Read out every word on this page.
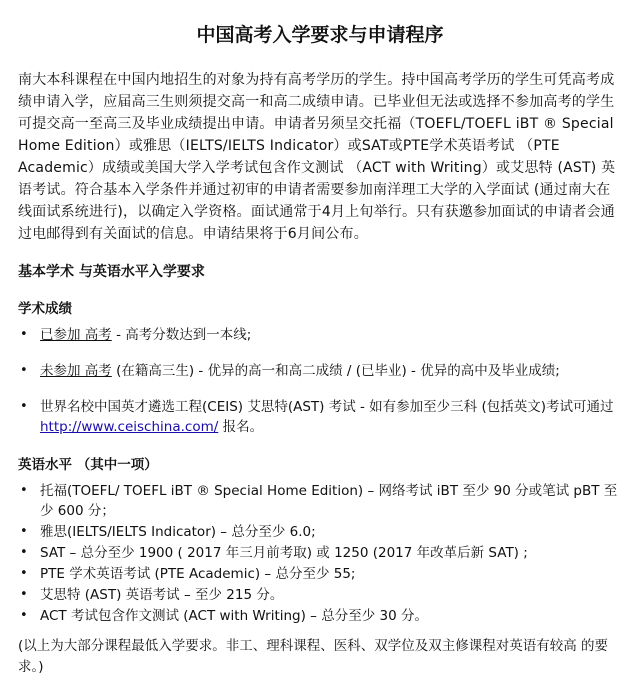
中国高考入学要求与申请程序

南大本科课程在中国内地招生的对象为持有高考学历的学生。持中国高考学历的学生可凭高考成绩申请入学，应届高三生则须提交高一和高二成绩申请。已毕业但无法或选择不参加高考的学生可提交高一至高三及毕业成绩提出申请。申请者另须呈交托福（TOEFL/TOEFL iBT ® Special Home Edition）或雅思（IELTS/IELTS Indicator）或SAT或PTE学术英语考试 （PTE Academic）成绩或美国大学入学考试包含作文测试 （ACT with Writing）或艾思特 (AST) 英语考试。符合基本入学条件并通过初审的申请者需要参加南洋理工大学的入学面试 (通过南大在线面试系统进行)，以确定入学资格。面试通常于4月上旬举行。只有获邀参加面试的申请者会通过电邮得到有关面试的信息。申请结果将于6月间公布。

基本学术 与英语水平入学要求
学术成绩
• 已参加 高考 - 高考分数达到一本线;
• 未参加 高考 (在籍高三生) - 优异的高一和高二成绩 / (已毕业) - 优异的高中及毕业成绩;
• 世界名校中国英才遴选工程(CEIS) 艾思特(AST) 考试 - 如有参加至少三科 (包括英文)考试可通过 http://www.ceischina.com/ 报名。
英语水平 （其中一项）
• 托福(TOEFL/ TOEFL iBT ® Special Home Edition) – 网络考试 iBT 至少 90 分或笔试 pBT 至少 600 分；
• 雅思(IELTS/IELTS Indicator) – 总分至少 6.0;
• SAT – 总分至少 1900 ( 2017 年三月前考取) 或 1250 (2017 年改革后新 SAT) ;
• PTE 学术英语考试 (PTE Academic) – 总分至少 55;
• 艾思特 (AST) 英语考试 – 至少 215 分。
• ACT 考试包含作文测试 (ACT with Writing) – 总分至少 30 分。
(以上为大部分课程最低入学要求。非工、理科课程、医科、双学位及双主修课程对英语有较高 的要求。)
